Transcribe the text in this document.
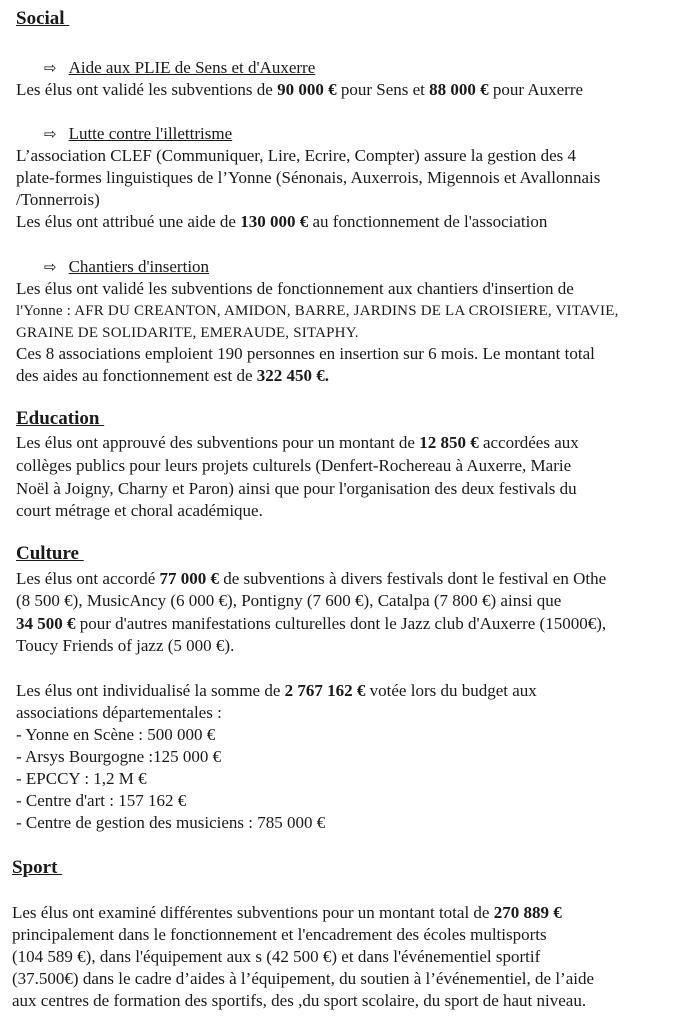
Social
⇨ Aide aux PLIE de Sens et d'Auxerre
Les élus ont validé les subventions de 90 000 € pour Sens et 88 000 € pour Auxerre
⇨ Lutte contre l'illettrisme
L’association CLEF (Communiquer, Lire, Ecrire, Compter) assure la gestion des 4
plate-formes linguistiques de l’Yonne (Sénonais, Auxerrois, Migennois et Avallonnais
/Tonnerrois)
Les élus ont attribué une aide de 130 000 € au fonctionnement de l'association
⇨ Chantiers d'insertion
Les élus ont validé les subventions de fonctionnement aux chantiers d'insertion de
l'Yonne : AFR DU CREANTON, AMIDON, BARRE, JARDINS DE LA CROISIERE, VITAVIE,
GRAINE DE SOLIDARITE, EMERAUDE, SITAPHY.
Ces 8 associations emploient 190 personnes en insertion sur 6 mois. Le montant total
des aides au fonctionnement est de 322 450 €.
Education
Les élus ont approuvé des subventions pour un montant de 12 850 € accordées aux
collèges publics pour leurs projets culturels (Denfert-Rochereau à Auxerre, Marie
Noël à Joigny, Charny et Paron) ainsi que pour l'organisation des deux festivals du
court métrage et choral académique.
Culture
Les élus ont accordé 77 000 € de subventions à divers festivals dont le festival en Othe
(8 500 €), MusicAncy (6 000 €), Pontigny (7 600 €), Catalpa (7 800 €) ainsi que
34 500 € pour d'autres manifestations culturelles dont le Jazz club d'Auxerre (15000€),
Toucy Friends of jazz (5 000 €).
Les élus ont individualisé la somme de 2 767 162 € votée lors du budget aux
associations départementales :
- Yonne en Scène : 500 000 €
- Arsys Bourgogne :125 000 €
- EPCCY : 1,2 M €
- Centre d'art : 157 162 €
- Centre de gestion des musiciens : 785 000 €
Sport
Les élus ont examiné différentes subventions pour un montant total de 270 889 €
principalement dans le fonctionnement et l'encadrement des écoles multisports
(104 589 €), dans l'équipement aux s (42 500 €) et dans l'événementiel sportif
(37.500€) dans le cadre d’aides à l’équipement, du soutien à l’événementiel, de l’aide
aux centres de formation des sportifs, des ,du sport scolaire, du sport de haut niveau.
